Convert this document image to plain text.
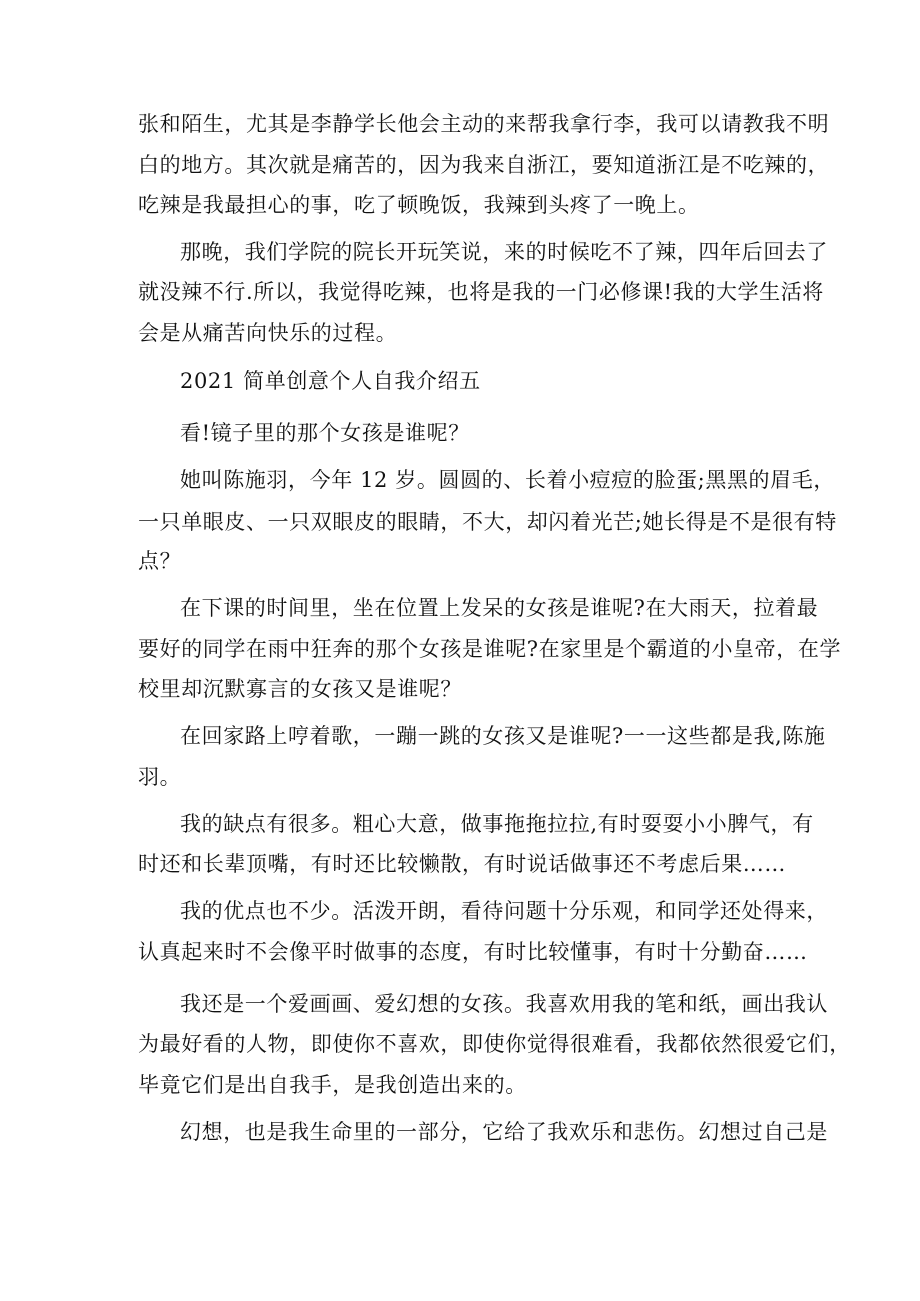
张和陌生，尤其是李静学长他会主动的来帮我拿行李，我可以请教我不明
白的地方。其次就是痛苦的，因为我来自浙江，要知道浙江是不吃辣的，
吃辣是我最担心的事，吃了顿晚饭，我辣到头疼了一晚上。
那晚，我们学院的院长开玩笑说，来的时候吃不了辣，四年后回去了
就没辣不行.所以，我觉得吃辣，也将是我的一门必修课!我的大学生活将
会是从痛苦向快乐的过程。
2021 简单创意个人自我介绍五
看!镜子里的那个女孩是谁呢？
她叫陈施羽，今年 12 岁。圆圆的、长着小痘痘的脸蛋;黑黑的眉毛，
一只单眼皮、一只双眼皮的眼睛，不大，却闪着光芒;她长得是不是很有特
点？
在下课的时间里，坐在位置上发呆的女孩是谁呢?在大雨天，拉着最
要好的同学在雨中狂奔的那个女孩是谁呢?在家里是个霸道的小皇帝，在学
校里却沉默寡言的女孩又是谁呢？
在回家路上哼着歌，一蹦一跳的女孩又是谁呢?一一这些都是我,陈施
羽。
我的缺点有很多。粗心大意，做事拖拖拉拉,有时耍耍小小脾气，有
时还和长辈顶嘴，有时还比较懒散，有时说话做事还不考虑后果……
我的优点也不少。活泼开朗，看待问题十分乐观，和同学还处得来，
认真起来时不会像平时做事的态度，有时比较懂事，有时十分勤奋……
我还是一个爱画画、爱幻想的女孩。我喜欢用我的笔和纸，画出我认
为最好看的人物，即使你不喜欢，即使你觉得很难看，我都依然很爱它们，
毕竟它们是出自我手，是我创造出来的。
幻想，也是我生命里的一部分，它给了我欢乐和悲伤。幻想过自己是
